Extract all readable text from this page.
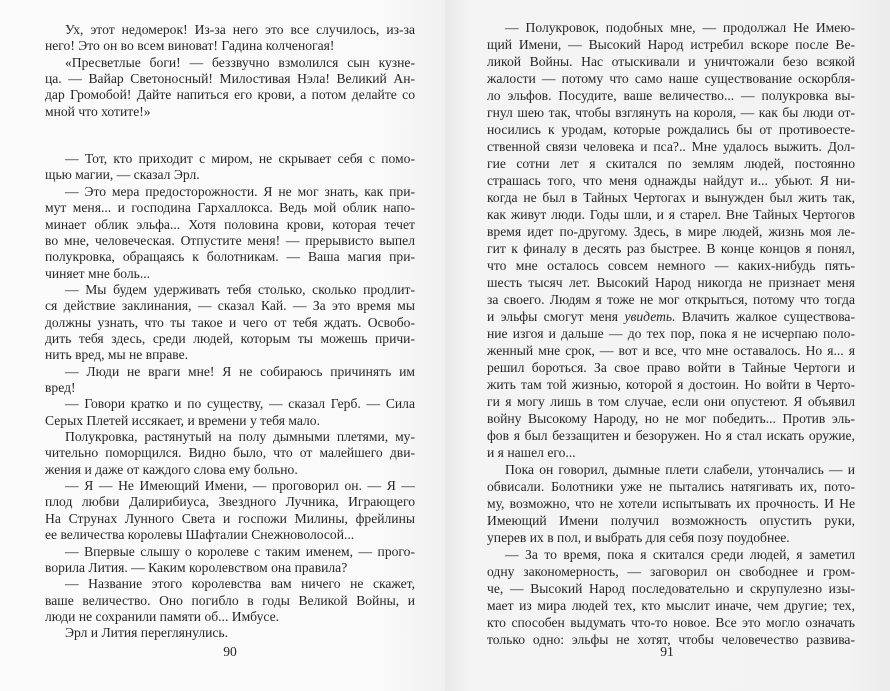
90
Ух, этот недомерок! Из-за него это все случилось, из-за
него! Это он во всем виноват! Гадина колченогая!
«Пресветлые боги! — беззвучно взмолился сын кузне-
ца. — Вайар Светоносный! Милостивая Нэла! Великий Ан-
дар Громобой! Дайте напиться его крови, а потом делайте со
мной что хотите!»
— Тот, кто приходит с миром, не скрывает себя с помо-
щью магии, — сказал Эрл.
— Это мера предосторожности. Я не мог знать, как при-
мут меня... и господина Гархаллокса. Ведь мой облик напо-
минает облик эльфа... Хотя половина крови, которая течет
во мне, человеческая. Отпустите меня! — прерывисто выпел
полукровка, обращаясь к болотникам. — Ваша магия при-
чиняет мне боль...
— Мы будем удерживать тебя столько, сколько продлит-
ся действие заклинания, — сказал Кай. — За это время мы
должны узнать, что ты такое и чего от тебя ждать. Освобо-
дить тебя здесь, среди людей, которым ты можешь причи-
нить вред, мы не вправе.
— Люди не враги мне! Я не собираюсь причинять им
вред!
— Говори кратко и по существу, — сказал Герб. — Сила
Серых Плетей иссякает, и времени у тебя мало.
Полукровка, растянутый на полу дымными плетями, му-
чительно поморщился. Видно было, что от малейшего дви-
жения и даже от каждого слова ему больно.
— Я — Не Имеющий Имени, — проговорил он. — Я —
плод любви Далирибиуса, Звездного Лучника, Играющего
На Струнах Лунного Света и госпожи Милины, фрейлины
ее величества королевы Шафталии Снежноволосой...
— Впервые слышу о королеве с таким именем, — прого-
ворила Лития. — Каким королевством она правила?
— Название этого королевства вам ничего не скажет,
ваше величество. Оно погибло в годы Великой Войны, и
люди не сохранили памяти об... Имбусе.
Эрл и Лития переглянулись.
91
— Полукровок, подобных мне, — продолжал Не Имею-
щий Имени, — Высокий Народ истребил вскоре после Ве-
ликой Войны. Нас отыскивали и уничтожали безо всякой
жалости — потому что само наше существование оскорбля-
ло эльфов. Посудите, ваше величество... — полукровка вы-
гнул шею так, чтобы взглянуть на короля, — как бы люди от-
носились к уродам, которые рождались бы от противоесте-
ственной связи человека и пса?.. Мне удалось выжить. Дол-
гие сотни лет я скитался по землям людей, постоянно
страшась того, что меня однажды найдут и... убьют. Я ни-
когда не был в Тайных Чертогах и вынужден был жить так,
как живут люди. Годы шли, и я старел. Вне Тайных Чертогов
время идет по-другому. Здесь, в мире людей, жизнь моя ле-
гит к финалу в десять раз быстрее. В конце концов я понял,
что мне осталось совсем немного — каких-нибудь пять-
шесть тысяч лет. Высокий Народ никогда не признает меня
за своего. Людям я тоже не мог открыться, потому что тогда
и эльфы смогут меня увидеть. Влачить жалкое существова-
ние изгоя и дальше — до тех пор, пока я не исчерпаю поло-
женный мне срок, — вот и все, что мне оставалось. Но я... я
решил бороться. За свое право войти в Тайные Чертоги и
жить там той жизнью, которой я достоин. Но войти в Черто-
ги я могу лишь в том случае, если они опустеют. Я объявил
войну Высокому Народу, но не мог победить... Против эль-
фов я был беззащитен и безоружен. Но я стал искать оружие,
и я нашел его...
Пока он говорил, дымные плети слабели, утончались — и
обвисали. Болотники уже не пытались натягивать их, пото-
му, возможно, что не хотели испытывать их прочность. И Не
Имеющий Имени получил возможность опустить руки,
уперев их в пол, и выбрать для себя позу поудобнее.
— За то время, пока я скитался среди людей, я заметил
одну закономерность, — заговорил он свободнее и гром-
че, — Высокий Народ последовательно и скрупулезно изы-
мает из мира людей тех, кто мыслит иначе, чем другие; тех,
кто способен выдумать что-то новое. Все это могло означать
только одно: эльфы не хотят, чтобы человечество развива-
